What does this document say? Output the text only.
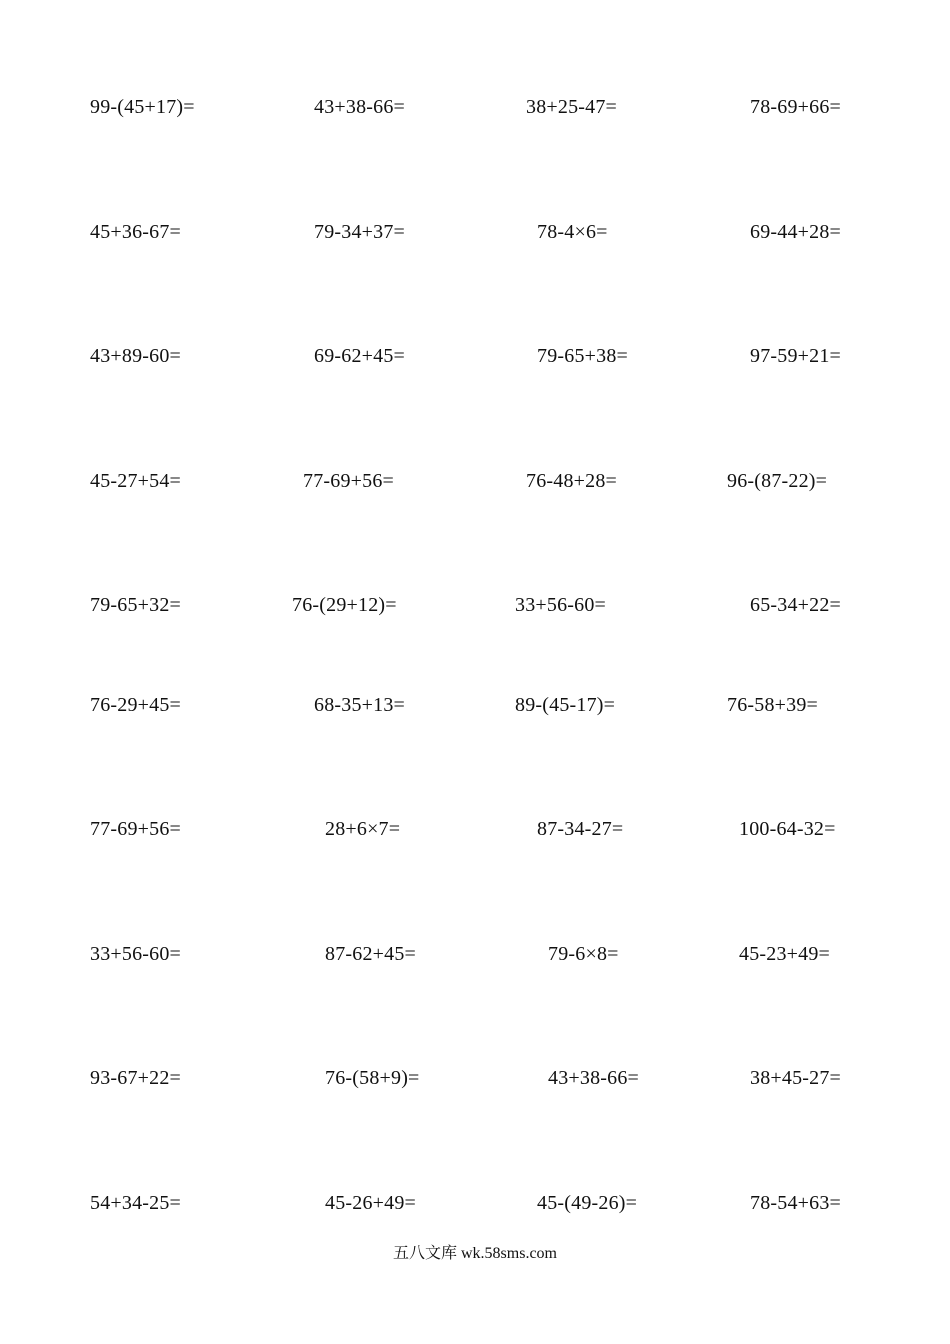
99-(45+17)=	43+38-66=	38+25-47=	78-69+66=
45+36-67=	79-34+37=	78-4×6=	69-44+28=
43+89-60=	69-62+45=	79-65+38=	97-59+21=
45-27+54=	77-69+56=	76-48+28=	96-(87-22)=
79-65+32=	76-(29+12)=	33+56-60=	65-34+22=
76-29+45=	68-35+13=	89-(45-17)=	76-58+39=
77-69+56=	28+6×7=	87-34-27=	100-64-32=
33+56-60=	87-62+45=	79-6×8=	45-23+49=
93-67+22=	76-(58+9)=	43+38-66=	38+45-27=
54+34-25=	45-26+49=	45-(49-26)=	78-54+63=
五八文库 wk.58sms.com
